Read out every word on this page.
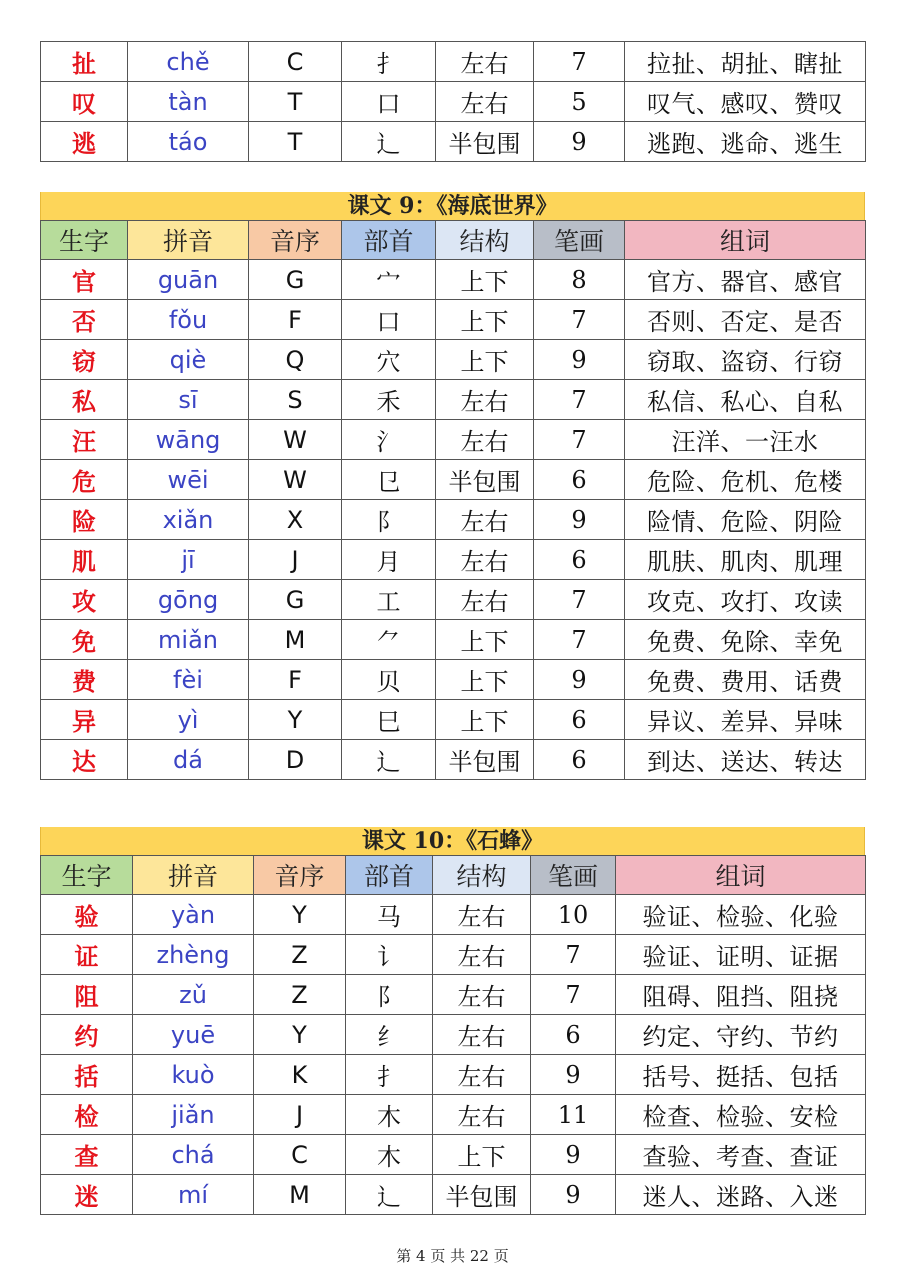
扯	chě	C	扌	左右	7	拉扯、胡扯、瞎扯
叹	tàn	T	口	左右	5	叹气、感叹、赞叹
逃	táo	T	辶	半包围	9	逃跑、逃命、逃生
课文 9：《海底世界》
生字	拼音	音序	部首	结构	笔画	组词
官	guān	G	宀	上下	8	官方、器官、感官
否	fǒu	F	口	上下	7	否则、否定、是否
窃	qiè	Q	穴	上下	9	窃取、盗窃、行窃
私	sī	S	禾	左右	7	私信、私心、自私
汪	wāng	W	氵	左右	7	汪洋、一汪水
危	wēi	W	㔾	半包围	6	危险、危机、危楼
险	xiǎn	X	阝	左右	9	险情、危险、阴险
肌	jī	J	月	左右	6	肌肤、肌肉、肌理
攻	gōng	G	工	左右	7	攻克、攻打、攻读
免	miǎn	M	⺈	上下	7	免费、免除、幸免
费	fèi	F	贝	上下	9	免费、费用、话费
异	yì	Y	巳	上下	6	异议、差异、异味
达	dá	D	辶	半包围	6	到达、送达、转达
课文 10：《石蜂》
生字	拼音	音序	部首	结构	笔画	组词
验	yàn	Y	马	左右	10	验证、检验、化验
证	zhèng	Z	讠	左右	7	验证、证明、证据
阻	zǔ	Z	阝	左右	7	阻碍、阻挡、阻挠
约	yuē	Y	纟	左右	6	约定、守约、节约
括	kuò	K	扌	左右	9	括号、挺括、包括
检	jiǎn	J	木	左右	11	检查、检验、安检
查	chá	C	木	上下	9	查验、考查、查证
迷	mí	M	辶	半包围	9	迷人、迷路、入迷
第 4 页 共 22 页
